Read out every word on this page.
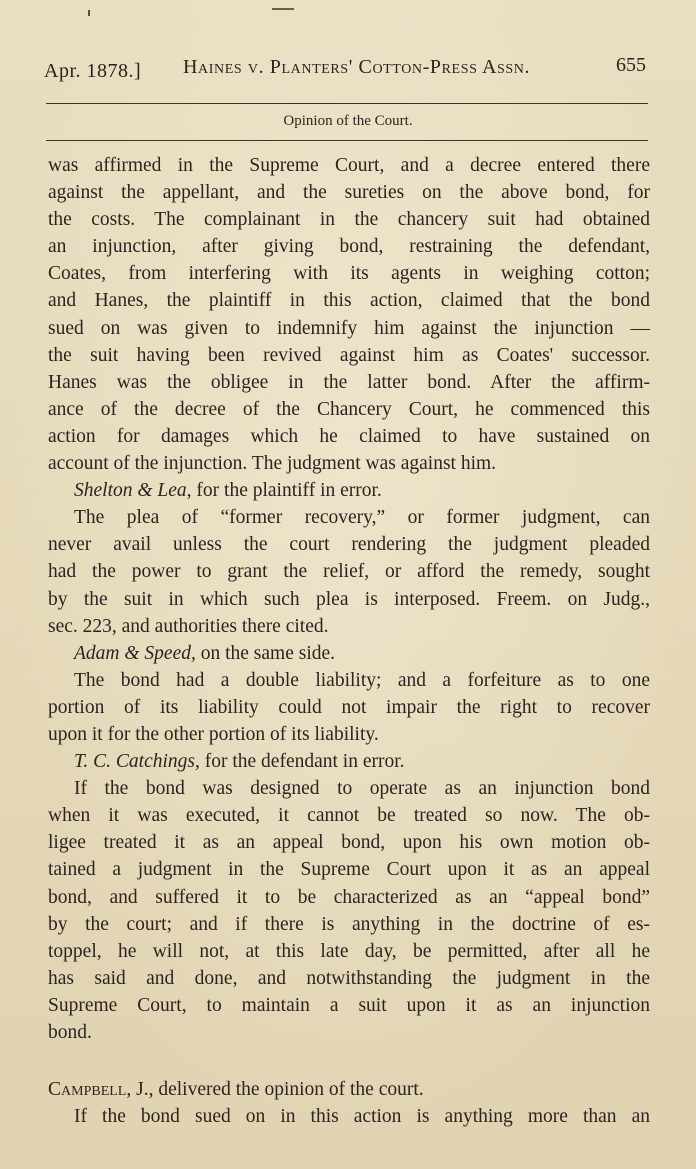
Apr. 1878.] Haines v. Planters' Cotton-Press Assn.	655
Opinion of the Court.
was affirmed in the Supreme Court, and a decree entered there
against the appellant, and the sureties on the above bond, for
the costs. The complainant in the chancery suit had obtained
an injunction, after giving bond, restraining the defendant,
Coates, from interfering with its agents in weighing cotton;
and Hanes, the plaintiff in this action, claimed that the bond
sued on was given to indemnify him against the injunction —
the suit having been revived against him as Coates' successor.
Hanes was the obligee in the latter bond. After the affirm-
ance of the decree of the Chancery Court, he commenced this
action for damages which he claimed to have sustained on
account of the injunction. The judgment was against him.
Shelton & Lea, for the plaintiff in error.
The plea of “former recovery,” or former judgment, can
never avail unless the court rendering the judgment pleaded
had the power to grant the relief, or afford the remedy, sought
by the suit in which such plea is interposed. Freem. on Judg.,
sec. 223, and authorities there cited.
Adam & Speed, on the same side.
The bond had a double liability; and a forfeiture as to one
portion of its liability could not impair the right to recover
upon it for the other portion of its liability.
T. C. Catchings, for the defendant in error.
If the bond was designed to operate as an injunction bond
when it was executed, it cannot be treated so now. The ob-
ligee treated it as an appeal bond, upon his own motion ob-
tained a judgment in the Supreme Court upon it as an appeal
bond, and suffered it to be characterized as an “appeal bond”
by the court; and if there is anything in the doctrine of es-
toppel, he will not, at this late day, be permitted, after all he
has said and done, and notwithstanding the judgment in the
Supreme Court, to maintain a suit upon it as an injunction
bond.
Campbell, J., delivered the opinion of the court.
If the bond sued on in this action is anything more than an
